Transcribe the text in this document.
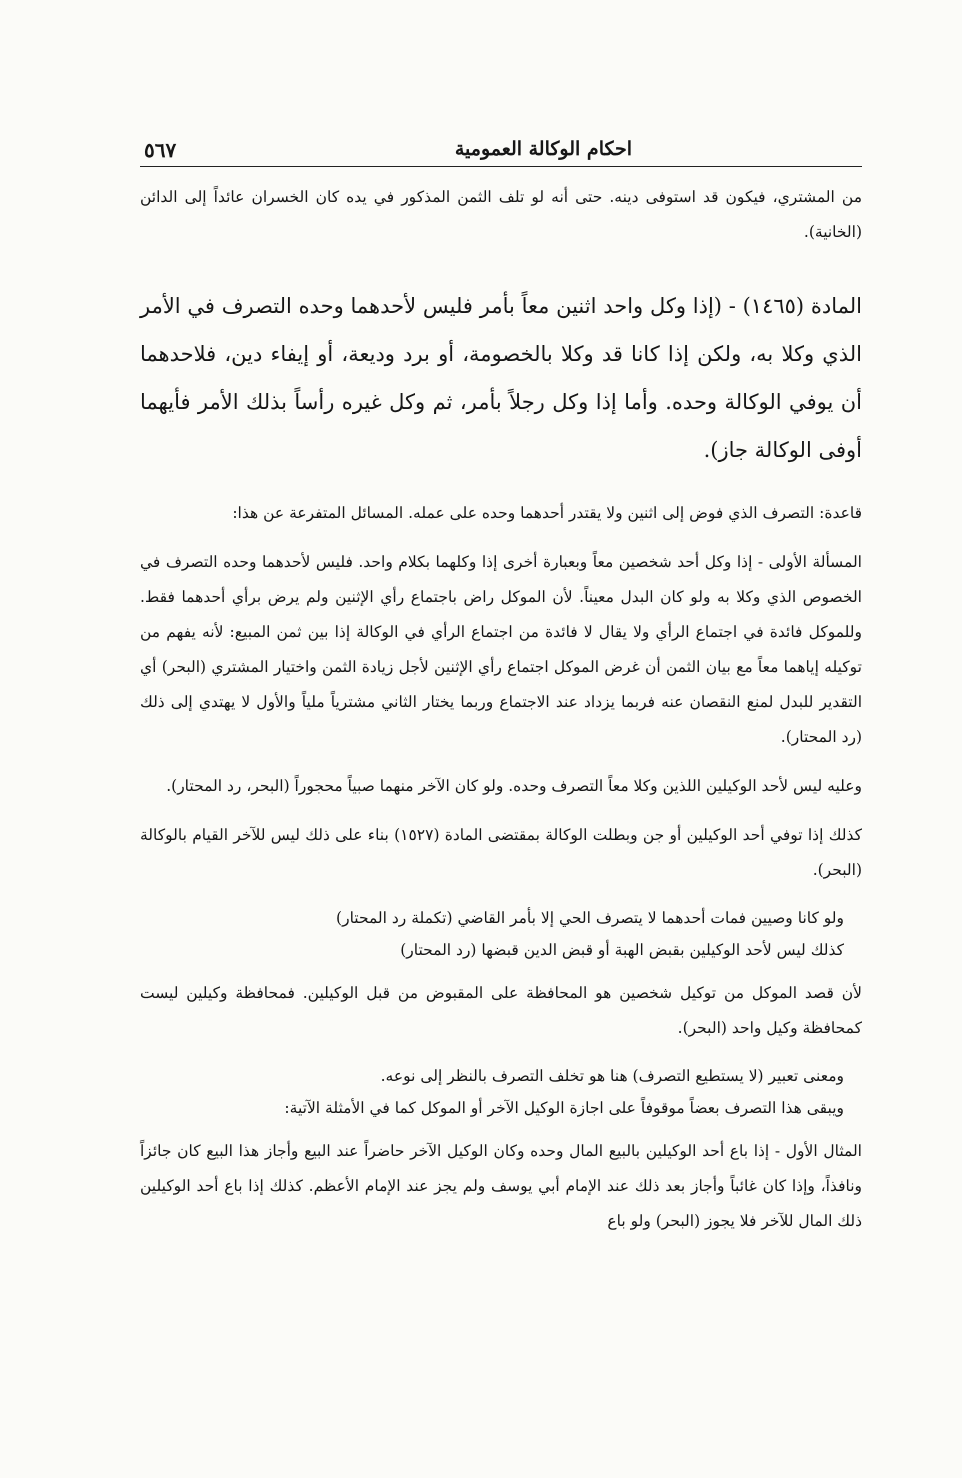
احكام الوكالة العمومية
٥٦٧

من المشتري، فيكون قد استوفى دينه. حتى أنه لو تلف الثمن المذكور في يده كان الخسران عائداً إلى الدائن (الخانية).

المادة (١٤٦٥) - (إذا وكل واحد اثنين معاً بأمر فليس لأحدهما وحده التصرف في الأمر الذي وكلا به، ولكن إذا كانا قد وكلا بالخصومة، أو برد وديعة، أو إيفاء دين، فلاحدهما أن يوفي الوكالة وحده. وأما إذا وكل رجلاً بأمر، ثم وكل غيره رأساً بذلك الأمر فأيهما أوفى الوكالة جاز).

قاعدة: التصرف الذي فوض إلى اثنين ولا يقتدر أحدهما وحده على عمله. المسائل المتفرعة عن هذا:

المسألة الأولى - إذا وكل أحد شخصين معاً وبعبارة أخرى إذا وكلهما بكلام واحد. فليس لأحدهما وحده التصرف في الخصوص الذي وكلا به ولو كان البدل معيناً. لأن الموكل راض باجتماع رأي الإثنين ولم يرض برأي أحدهما فقط. وللموكل فائدة في اجتماع الرأي ولا يقال لا فائدة من اجتماع الرأي في الوكالة إذا بين ثمن المبيع: لأنه يفهم من توكيله إياهما معاً مع بيان الثمن أن غرض الموكل اجتماع رأي الإثنين لأجل زيادة الثمن واختيار المشتري (البحر) أي التقدير للبدل لمنع النقصان عنه فربما يزداد عند الاجتماع وربما يختار الثاني مشترياً ملياً والأول لا يهتدي إلى ذلك (رد المحتار).

وعليه ليس لأحد الوكيلين اللذين وكلا معاً التصرف وحده. ولو كان الآخر منهما صبياً محجوراً (البحر، رد المحتار).

كذلك إذا توفي أحد الوكيلين أو جن وبطلت الوكالة بمقتضى المادة (١٥٢٧) بناء على ذلك ليس للآخر القيام بالوكالة (البحر).

ولو كانا وصيين فمات أحدهما لا يتصرف الحي إلا بأمر القاضي (تكملة رد المحتار)
كذلك ليس لأحد الوكيلين بقبض الهبة أو قبض الدين قبضها (رد المحتار)

لأن قصد الموكل من توكيل شخصين هو المحافظة على المقبوض من قبل الوكيلين. فمحافظة وكيلين ليست كمحافظة وكيل واحد (البحر).

ومعنى تعبير (لا يستطيع التصرف) هنا هو تخلف التصرف بالنظر إلى نوعه.
ويبقى هذا التصرف بعضاً موقوفاً على اجازة الوكيل الآخر أو الموكل كما في الأمثلة الآتية:

المثال الأول - إذا باع أحد الوكيلين بالبيع المال وحده وكان الوكيل الآخر حاضراً عند البيع وأجاز هذا البيع كان جائزاً ونافذاً، وإذا كان غائباً وأجاز بعد ذلك عند الإمام أبي يوسف ولم يجز عند الإمام الأعظم. كذلك إذا باع أحد الوكيلين ذلك المال للآخر فلا يجوز (البحر) ولو باع
